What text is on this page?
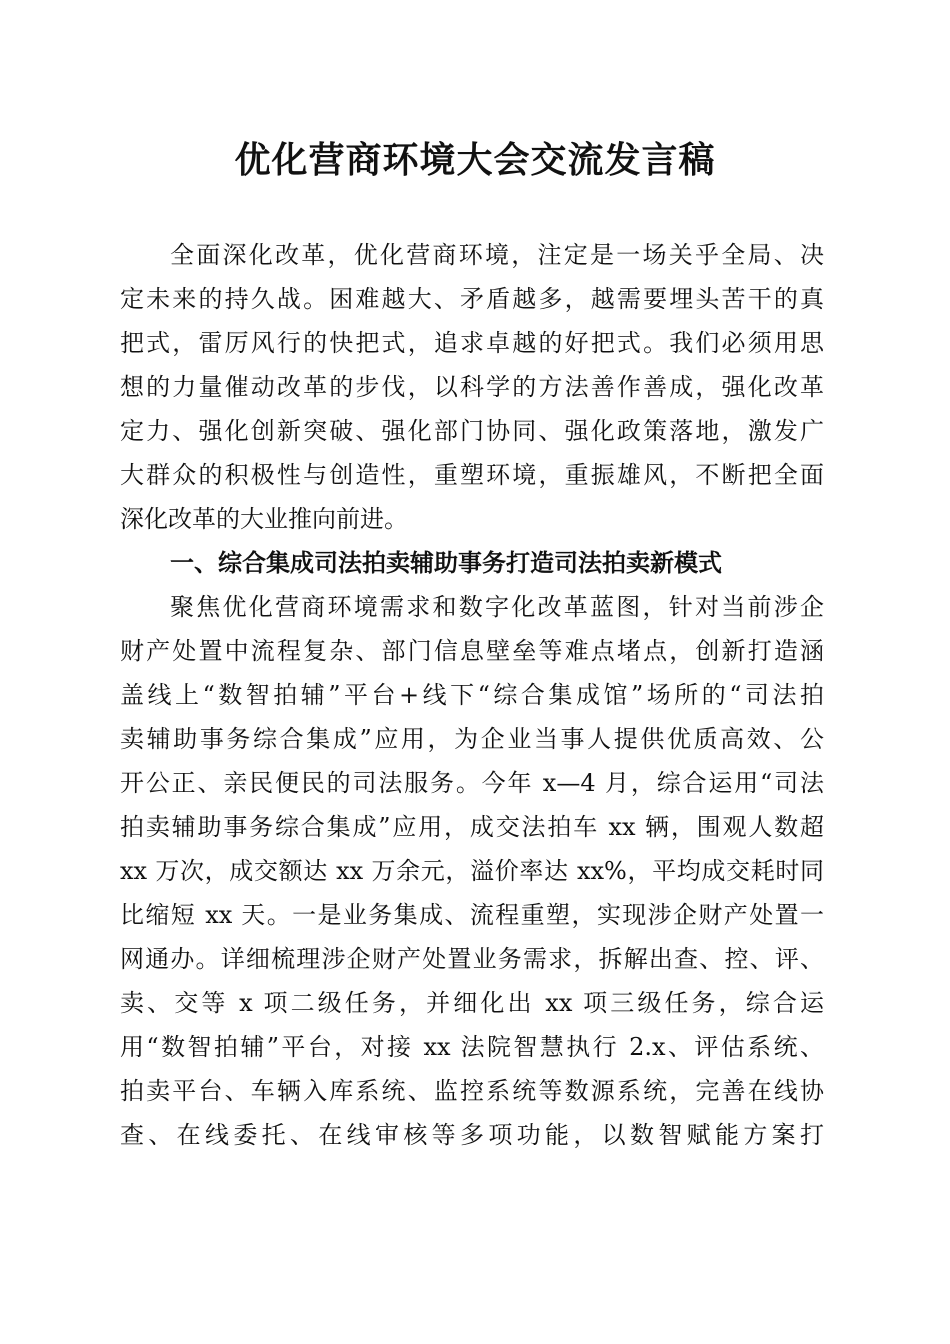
优化营商环境大会交流发言稿
全面深化改革，优化营商环境，注定是一场关乎全局、决
定未来的持久战。困难越大、矛盾越多，越需要埋头苦干的真
把式，雷厉风行的快把式，追求卓越的好把式。我们必须用思
想的力量催动改革的步伐，以科学的方法善作善成，强化改革
定力、强化创新突破、强化部门协同、强化政策落地，激发广
大群众的积极性与创造性，重塑环境，重振雄风，不断把全面
深化改革的大业推向前进。
一、综合集成司法拍卖辅助事务打造司法拍卖新模式
聚焦优化营商环境需求和数字化改革蓝图，针对当前涉企
财产处置中流程复杂、部门信息壁垒等难点堵点，创新打造涵
盖线上“数智拍辅”平台+线下“综合集成馆”场所的“司法拍
卖辅助事务综合集成”应用，为企业当事人提供优质高效、公
开公正、亲民便民的司法服务。今年 x—4 月，综合运用“司法
拍卖辅助事务综合集成”应用，成交法拍车 xx 辆，围观人数超
xx 万次，成交额达 xx 万余元，溢价率达 xx%，平均成交耗时同
比缩短 xx 天。一是业务集成、流程重塑，实现涉企财产处置一
网通办。详细梳理涉企财产处置业务需求，拆解出查、控、评、
卖、交等 x 项二级任务，并细化出 xx 项三级任务，综合运
用“数智拍辅”平台，对接 xx 法院智慧执行 2.x、评估系统、
拍卖平台、车辆入库系统、监控系统等数源系统，完善在线协
查、在线委托、在线审核等多项功能，以数智赋能方案打
